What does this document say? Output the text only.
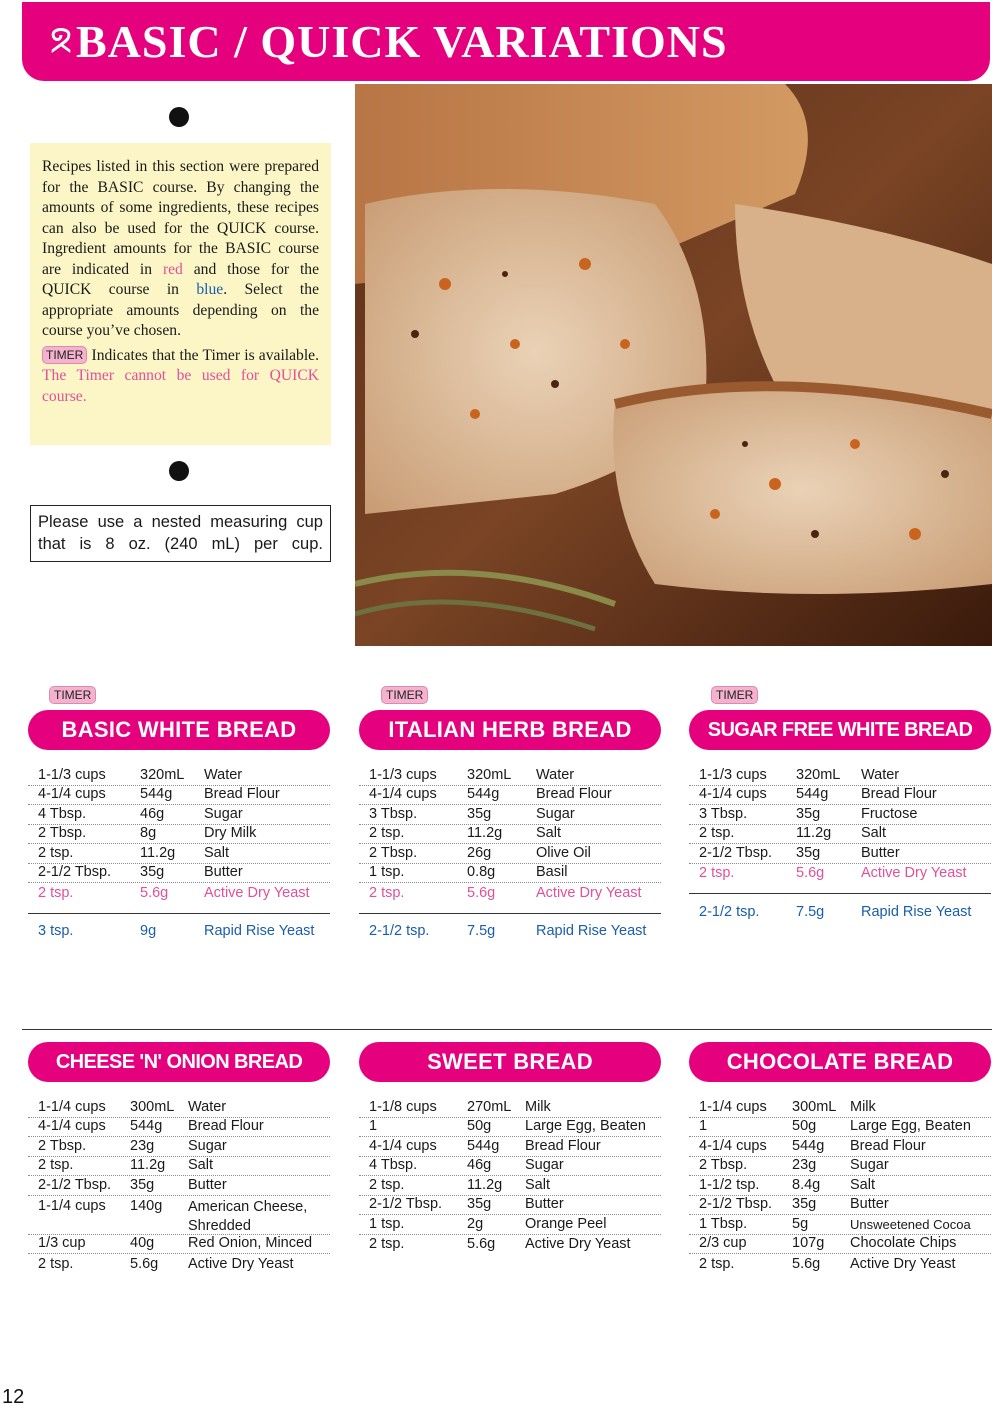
ᘝ BASIC / QUICK VARIATIONS

Recipes listed in this section were prepared for the BASIC course. By changing the amounts of some ingredients, these recipes can also be used for the QUICK course. Ingredient amounts for the BASIC course are indicated in red and those for the QUICK course in blue. Select the appropriate amounts depending on the course you’ve chosen.

TIMER Indicates that the Timer is available. The Timer cannot be used for QUICK course.

Please use a nested measuring cup that is 8 oz. (240 mL) per cup.
TIMER	TIMER	TIMER
BASIC WHITE BREAD
1-1/3 cups	320mL	Water
4-1/4 cups	544g	Bread Flour
4 Tbsp.	46g	Sugar
2 Tbsp.	8g	Dry Milk
2 tsp.	11.2g	Salt
2-1/2 Tbsp.	35g	Butter
2 tsp.	5.6g	Active Dry Yeast
3 tsp.	9g	Rapid Rise Yeast
ITALIAN HERB BREAD
1-1/3 cups	320mL	Water
4-1/4 cups	544g	Bread Flour
3 Tbsp.	35g	Sugar
2 tsp.	11.2g	Salt
2 Tbsp.	26g	Olive Oil
1 tsp.	0.8g	Basil
2 tsp.	5.6g	Active Dry Yeast
2-1/2 tsp.	7.5g	Rapid Rise Yeast
SUGAR FREE WHITE BREAD
1-1/3 cups	320mL	Water
4-1/4 cups	544g	Bread Flour
3 Tbsp.	35g	Fructose
2 tsp.	11.2g	Salt
2-1/2 Tbsp.	35g	Butter
2 tsp.	5.6g	Active Dry Yeast
2-1/2 tsp.	7.5g	Rapid Rise Yeast
CHEESE 'N' ONION BREAD
1-1/4 cups	300mL Water
4-1/4 cups	544g	Bread Flour
2 Tbsp.	23g	Sugar
2 tsp.	11.2g	Salt
2-1/2 Tbsp.	35g	Butter
1-1/4 cups	140g	American Cheese, Shredded
1/3 cup	40g	Red Onion, Minced
2 tsp.	5.6g	Active Dry Yeast
SWEET BREAD
1-1/8 cups	270mL Milk
1	50g	Large Egg, Beaten
4-1/4 cups	544g	Bread Flour
4 Tbsp.	46g	Sugar
2 tsp.	11.2g	Salt
2-1/2 Tbsp.	35g	Butter
1 tsp.	2g	Orange Peel
2 tsp.	5.6g	Active Dry Yeast
CHOCOLATE BREAD
1-1/4 cups	300mL Milk
1	50g	Large Egg, Beaten
4-1/4 cups	544g	Bread Flour
2 Tbsp.	23g	Sugar
1-1/2 tsp.	8.4g	Salt
2-1/2 Tbsp.	35g	Butter
1 Tbsp.	5g	Unsweetened Cocoa
2/3 cup	107g	Chocolate Chips
2 tsp.	5.6g	Active Dry Yeast
12
